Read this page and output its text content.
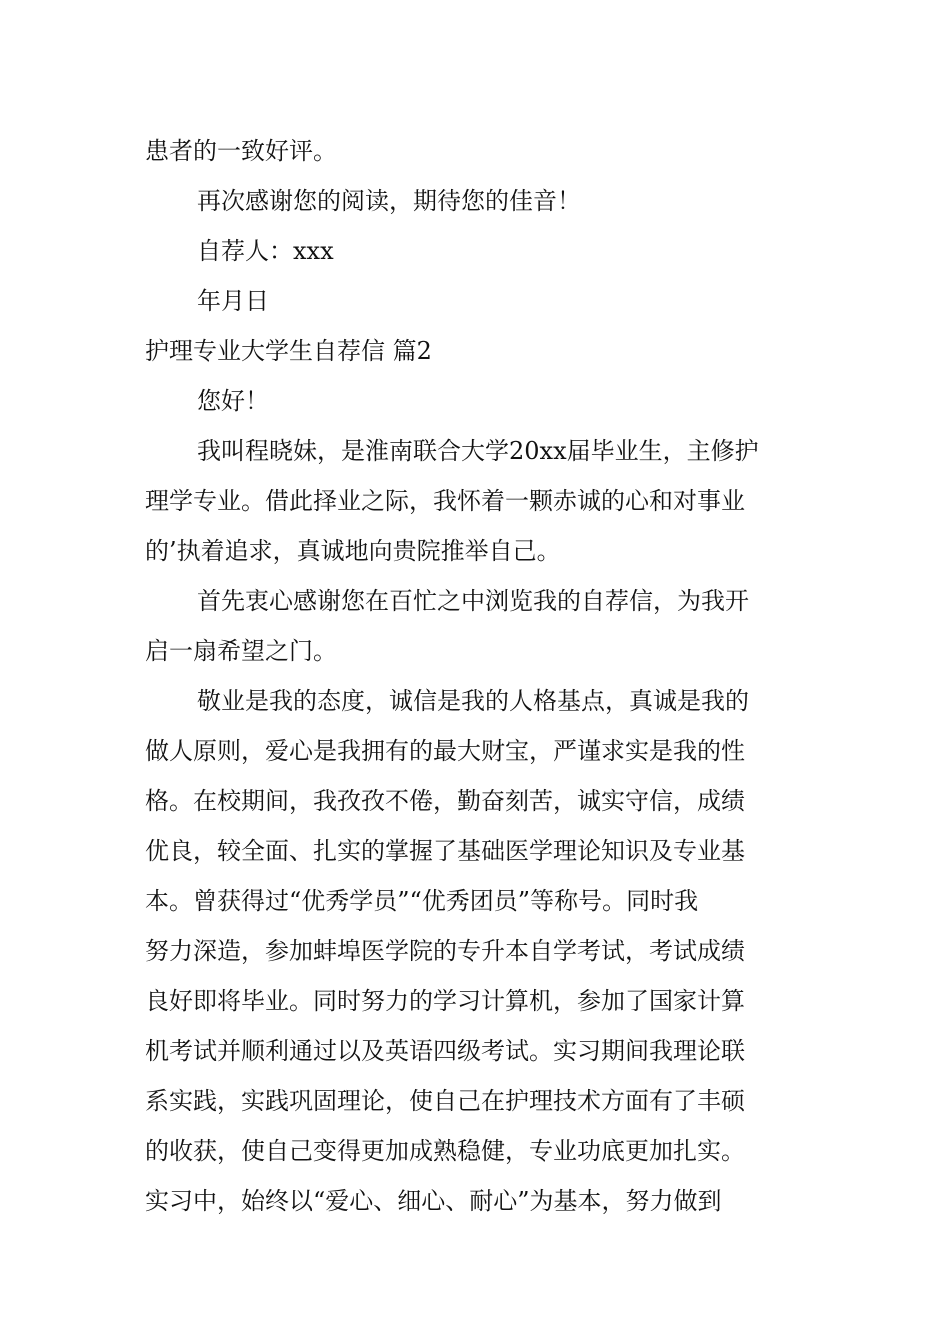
患者的一致好评。
再次感谢您的阅读，期待您的佳音！
自荐人：xxx
年月日
护理专业大学生自荐信 篇2
您好！
我叫程晓妹，是淮南联合大学20xx届毕业生，主修护
理学专业。借此择业之际，我怀着一颗赤诚的心和对事业
的’执着追求，真诚地向贵院推举自己。
首先衷心感谢您在百忙之中浏览我的自荐信，为我开
启一扇希望之门。
敬业是我的态度，诚信是我的人格基点，真诚是我的
做人原则，爱心是我拥有的最大财宝，严谨求实是我的性
格。在校期间，我孜孜不倦，勤奋刻苦，诚实守信，成绩
优良，较全面、扎实的掌握了基础医学理论知识及专业基
本。曾获得过“优秀学员”“优秀团员”等称号。同时我
努力深造，参加蚌埠医学院的专升本自学考试，考试成绩
良好即将毕业。同时努力的学习计算机，参加了国家计算
机考试并顺利通过以及英语四级考试。实习期间我理论联
系实践，实践巩固理论，使自己在护理技术方面有了丰硕
的收获，使自己变得更加成熟稳健，专业功底更加扎实。
实习中，始终以“爱心、细心、耐心”为基本，努力做到
